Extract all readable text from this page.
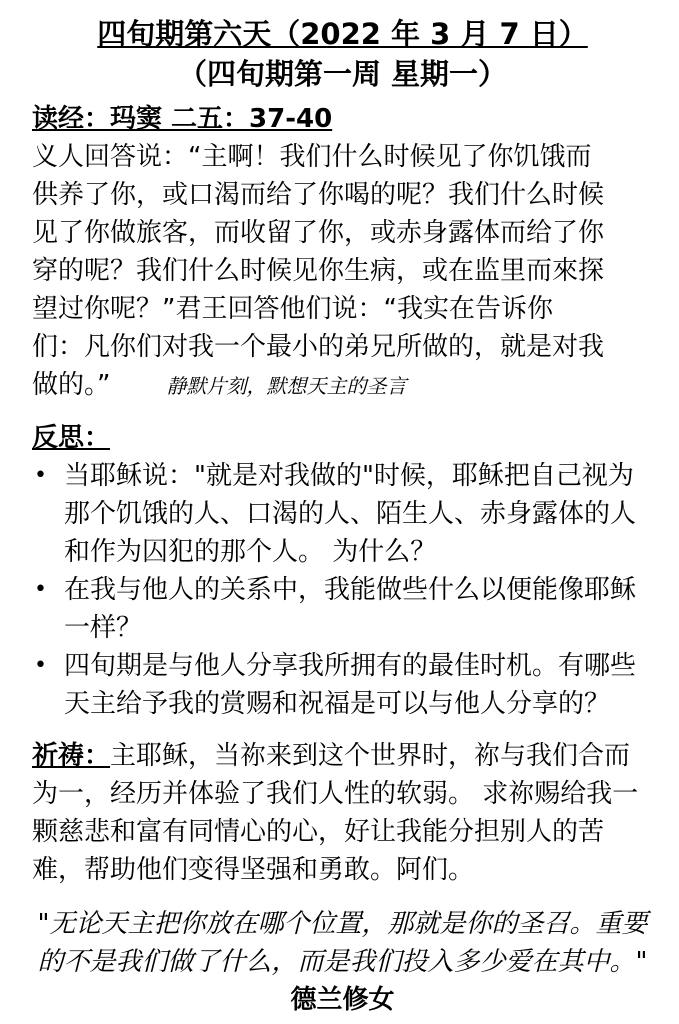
四旬期第六天（2022 年 3 月 7 日）

（四旬期第一周 星期一）

读经：玛窦 二五：37-40

义人回答说：“主啊！我们什么时候见了你饥饿而

供养了你，或口渴而给了你喝的呢？我们什么时候

见了你做旅客，而收留了你，或赤身露体而给了你

穿的呢？我们什么时候见你生病，或在监里而來探

望过你呢？”君王回答他们说：“我实在告诉你

们：凡你们对我一个最小的弟兄所做的，就是对我

做的。”	静默片刻，默想天主的圣言

反思：
• 当耶稣说："就是对我做的"时候，耶稣把自己视为那个饥饿的人、口渴的人、陌生人、赤身露体的人和作为囚犯的那个人。 为什么？
• 在我与他人的关系中，我能做些什么以便能像耶稣一样？
• 四旬期是与他人分享我所拥有的最佳时机。有哪些天主给予我的赏赐和祝福是可以与他人分享的？

祈祷：主耶稣，当祢来到这个世界时，祢与我们合而为一，经历并体验了我们人性的软弱。 求祢赐给我一颗慈悲和富有同情心的心，好让我能分担别人的苦难，帮助他们变得坚强和勇敢。阿们。

"无论天主把你放在哪个位置，那就是你的圣召。重要的不是我们做了什么，而是我们投入多少爱在其中。" 德兰修女
